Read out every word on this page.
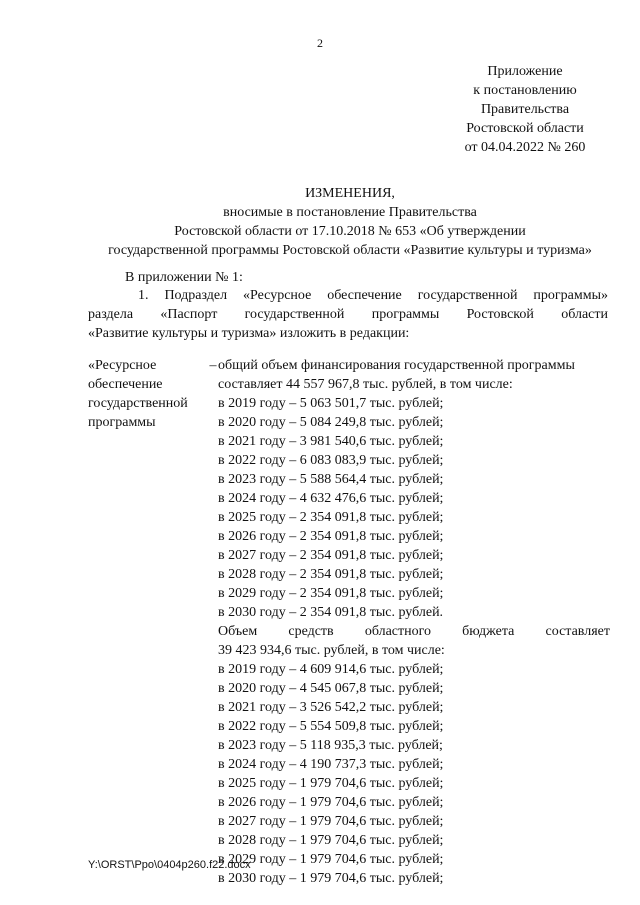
2
Приложение
к постановлению
Правительства
Ростовской области
от 04.04.2022 № 260
ИЗМЕНЕНИЯ,
вносимые в постановление Правительства
Ростовской области от 17.10.2018 № 653 «Об утверждении
государственной программы Ростовской области «Развитие культуры и туризма»
В приложении № 1:
1. Подраздел «Ресурсное обеспечение государственной программы»
раздела «Паспорт государственной программы Ростовской области
«Развитие культуры и туризма» изложить в редакции:
«Ресурсное
обеспечение
государственной
программы
– общий объем финансирования государственной программы
составляет 44 557 967,8 тыс. рублей, в том числе:
в 2019 году – 5 063 501,7 тыс. рублей;
в 2020 году – 5 084 249,8 тыс. рублей;
в 2021 году – 3 981 540,6 тыс. рублей;
в 2022 году – 6 083 083,9 тыс. рублей;
в 2023 году – 5 588 564,4 тыс. рублей;
в 2024 году – 4 632 476,6 тыс. рублей;
в 2025 году – 2 354 091,8 тыс. рублей;
в 2026 году – 2 354 091,8 тыс. рублей;
в 2027 году – 2 354 091,8 тыс. рублей;
в 2028 году – 2 354 091,8 тыс. рублей;
в 2029 году – 2 354 091,8 тыс. рублей;
в 2030 году – 2 354 091,8 тыс. рублей.
Объем средств областного бюджета составляет
39 423 934,6 тыс. рублей, в том числе:
в 2019 году – 4 609 914,6 тыс. рублей;
в 2020 году – 4 545 067,8 тыс. рублей;
в 2021 году – 3 526 542,2 тыс. рублей;
в 2022 году – 5 554 509,8 тыс. рублей;
в 2023 году – 5 118 935,3 тыс. рублей;
в 2024 году – 4 190 737,3 тыс. рублей;
в 2025 году – 1 979 704,6 тыс. рублей;
в 2026 году – 1 979 704,6 тыс. рублей;
в 2027 году – 1 979 704,6 тыс. рублей;
в 2028 году – 1 979 704,6 тыс. рублей;
в 2029 году – 1 979 704,6 тыс. рублей;
в 2030 году – 1 979 704,6 тыс. рублей;
Y:\ORST\Ppo\0404p260.f22.docx
